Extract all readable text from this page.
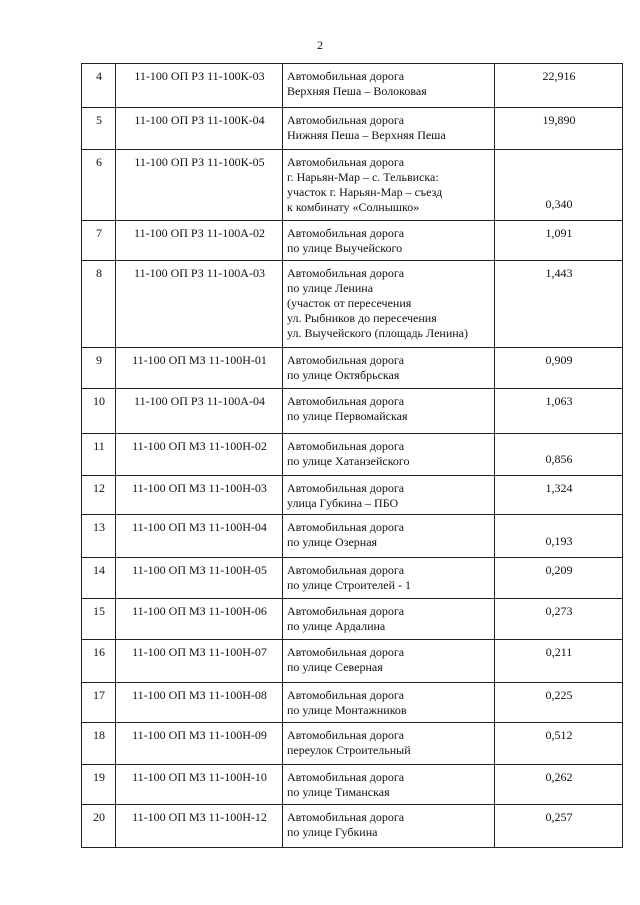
2
4	11-100 ОП РЗ 11-100К-03	Автомобильная дорога
Верхняя Пеша – Волоковая	22,916
5	11-100 ОП РЗ 11-100К-04	Автомобильная дорога
Нижняя Пеша – Верхняя Пеша	19,890
6	11-100 ОП РЗ 11-100К-05	Автомобильная дорога
г. Нарьян-Мар – с. Тельвиска:
участок г. Нарьян-Мар – съезд
к комбинату «Солнышко»	0,340
7	11-100 ОП РЗ 11-100А-02	Автомобильная дорога
по улице Выучейского	1,091
8	11-100 ОП РЗ 11-100А-03	Автомобильная дорога
по улице Ленина
(участок от пересечения
ул. Рыбников до пересечения
ул. Выучейского (площадь Ленина)	1,443
9	11-100 ОП МЗ 11-100Н-01	Автомобильная дорога
по улице Октябрьская	0,909
10	11-100 ОП РЗ 11-100А-04	Автомобильная дорога
по улице Первомайская	1,063
11	11-100 ОП МЗ 11-100Н-02	Автомобильная дорога
по улице Хатанзейского	0,856
12	11-100 ОП МЗ 11-100Н-03	Автомобильная дорога
улица Губкина – ПБО	1,324
13	11-100 ОП МЗ 11-100Н-04	Автомобильная дорога
по улице Озерная	0,193
14	11-100 ОП МЗ 11-100Н-05	Автомобильная дорога
по улице Строителей - 1	0,209
15	11-100 ОП МЗ 11-100Н-06	Автомобильная дорога
по улице Ардалина	0,273
16	11-100 ОП МЗ 11-100Н-07	Автомобильная дорога
по улице Северная	0,211
17	11-100 ОП МЗ 11-100Н-08	Автомобильная дорога
по улице Монтажников	0,225
18	11-100 ОП МЗ 11-100Н-09	Автомобильная дорога
переулок Строительный	0,512
19	11-100 ОП МЗ 11-100Н-10	Автомобильная дорога
по улице Тиманская	0,262
20	11-100 ОП МЗ 11-100Н-12	Автомобильная дорога
по улице Губкина	0,257
